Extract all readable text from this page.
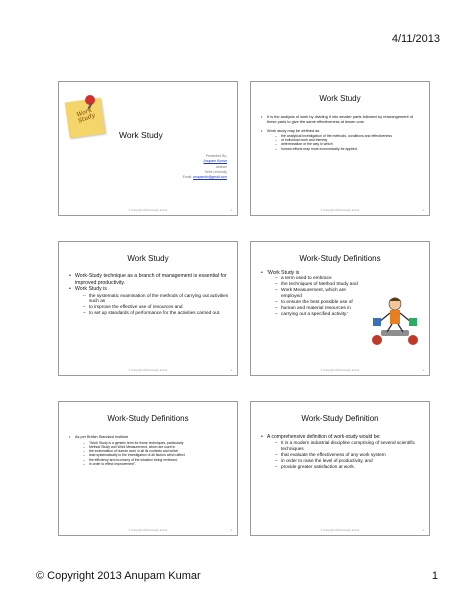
4/11/2013
Work Study
Work Study
Presented By:
Anupam Kumar
Adviser
Delhi Univesity
Email: anupamkr@gmail.com
© Copyright 2013 Anupam Kumar	1
Work Study
• It is the analysis of work by dividing it into smaller parts followed by rearrangement of these parts to give the same effectiveness at lesser cost.
• Work study may be defined as
– the analytical investigation of the methods, conditions and effectiveness
– of individual work and thereby
– determination of the way in which
– human efforts may most economically be applied.
© Copyright 2013 Anupam Kumar	2
Work Study
• Work-Study technique as a branch of management is essential for improved productivity.
• Work Study is
– the systematic examination of the methods of carrying out activities such as
– to improve the effective use of resources and
– to set up standards of performance for the activities carried out.
© Copyright 2013 Anupam Kumar	3
Work-Study Definitions
• 'Work Study is
– a term used to embrace
– the techniques of Method Study and
– Work Measurement, which are employed
– to ensure the best possible use of
– human and material resources in
– carrying out a specified activity.'
© Copyright 2013 Anupam Kumar	4
Work-Study Definitions
• As per British Standard Institute
– "Work Study is a generic term for those techniques, particularly
– Method Study and Work Measurement, which are used in
– the examination of human work in all its contexts and which
– lead systematically to the investigation of all factors which affect
– the efficiency and economy of the situation being reviewed,
– in order to effect improvement".
© Copyright 2013 Anupam Kumar	5
Work-Study Definition
• A comprehensive definition of work-study would be:
– It is a modern industrial discipline comprising of several scientific techniques
– that evaluate the effectiveness of any work system
– in order to raise the level of productivity, and
– provide greater satisfaction at work.
© Copyright 2013 Anupam Kumar	6
© Copyright 2013 Anupam Kumar	1
